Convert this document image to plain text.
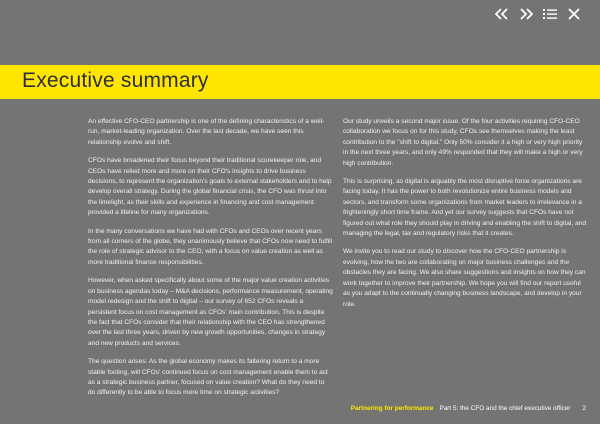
Executive summary

An effective CFO-CEO partnership is one of the defining characteristics of a well-run, market-leading organization. Over the last decade, we have seen this relationship evolve and shift.

CFOs have broadened their focus beyond their traditional scorekeeper role, and CEOs have relied more and more on their CFO's insights to drive business decisions, to represent the organization's goals to external stakeholders and to help develop overall strategy. During the global financial crisis, the CFO was thrust into the limelight, as their skills and experience in financing and cost management provided a lifeline for many organizations.

In the many conversations we have had with CFOs and CEOs over recent years from all corners of the globe, they unanimously believe that CFOs now need to fulfill the role of strategic advisor to the CEO, with a focus on value creation as well as more traditional finance responsibilities.

However, when asked specifically about some of the major value creation activities on business agendas today – M&A decisions, performance measurement, operating model redesign and the shift to digital – our survey of 652 CFOs reveals a persistent focus on cost management as CFOs' main contribution. This is despite the fact that CFOs consider that their relationship with the CEO has strengthened over the last three years, driven by new growth opportunities, changes in strategy and new products and services.

The question arises: As the global economy makes its faltering return to a more stable footing, will CFOs' continued focus on cost management enable them to act as a strategic business partner, focused on value creation? What do they need to do differently to be able to focus more time on strategic activities?

Our study unveils a second major issue. Of the four activities requiring CFO-CEO collaboration we focus on for this study, CFOs see themselves making the least contribution to the "shift to digital." Only 50% consider it a high or very high priority in the next three years, and only 49% responded that they will make a high or very high contribution.

This is surprising, as digital is arguably the most disruptive force organizations are facing today. It has the power to both revolutionize entire business models and sectors, and transform some organizations from market leaders to irrelevance in a frighteningly short time frame. And yet our survey suggests that CFOs have not figured out what role they should play in driving and enabling the shift to digital, and managing the legal, tax and regulatory risks that it creates.

We invite you to read our study to discover how the CFO-CEO partnership is evolving, how the two are collaborating on major business challenges and the obstacles they are facing. We also share suggestions and insights on how they can work together to improve their partnership. We hope you will find our report useful as you adapt to the continually changing business landscape, and develop in your role.

Partnering for performance Part 5: the CFO and the chief executive officer 2
